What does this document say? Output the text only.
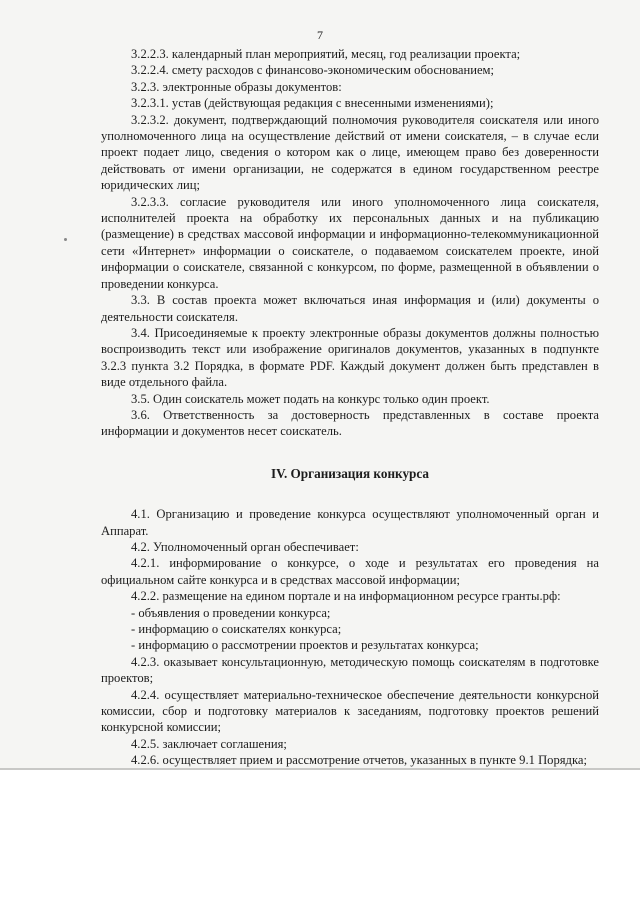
7

3.2.2.3. календарный план мероприятий, месяц, год реализации проекта;

3.2.2.4. смету расходов с финансово-экономическим обоснованием;

3.2.3. электронные образы документов:

3.2.3.1. устав (действующая редакция с внесенными изменениями);

3.2.3.2. документ, подтверждающий полномочия руководителя соискателя или иного уполномоченного лица на осуществление действий от имени соискателя, – в случае если проект подает лицо, сведения о котором как о лице, имеющем право без доверенности действовать от имени организации, не содержатся в едином государственном реестре юридических лиц;

3.2.3.3. согласие руководителя или иного уполномоченного лица соискателя, исполнителей проекта на обработку их персональных данных и на публикацию (размещение) в средствах массовой информации и информационно-телекоммуникационной сети «Интернет» информации о соискателе, о подаваемом соискателем проекте, иной информации о соискателе, связанной с конкурсом, по форме, размещенной в объявлении о проведении конкурса.

3.3. В состав проекта может включаться иная информация и (или) документы о деятельности соискателя.

3.4. Присоединяемые к проекту электронные образы документов должны полностью воспроизводить текст или изображение оригиналов документов, указанных в подпункте 3.2.3 пункта 3.2 Порядка, в формате PDF. Каждый документ должен быть представлен в виде отдельного файла.

3.5. Один соискатель может подать на конкурс только один проект.

3.6. Ответственность за достоверность представленных в составе проекта информации и документов несет соискатель.

IV. Организация конкурса

4.1. Организацию и проведение конкурса осуществляют уполномоченный орган и Аппарат.

4.2. Уполномоченный орган обеспечивает:

4.2.1. информирование о конкурсе, о ходе и результатах его проведения на официальном сайте конкурса и в средствах массовой информации;

4.2.2. размещение на едином портале и на информационном ресурсе гранты.рф:

- объявления о проведении конкурса;

- информацию о соискателях конкурса;

- информацию о рассмотрении проектов и результатах конкурса;

4.2.3. оказывает консультационную, методическую помощь соискателям в подготовке проектов;

4.2.4. осуществляет материально-техническое обеспечение деятельности конкурсной комиссии, сбор и подготовку материалов к заседаниям, подготовку проектов решений конкурсной комиссии;

4.2.5. заключает соглашения;

4.2.6. осуществляет прием и рассмотрение отчетов, указанных в пункте 9.1 Порядка;
